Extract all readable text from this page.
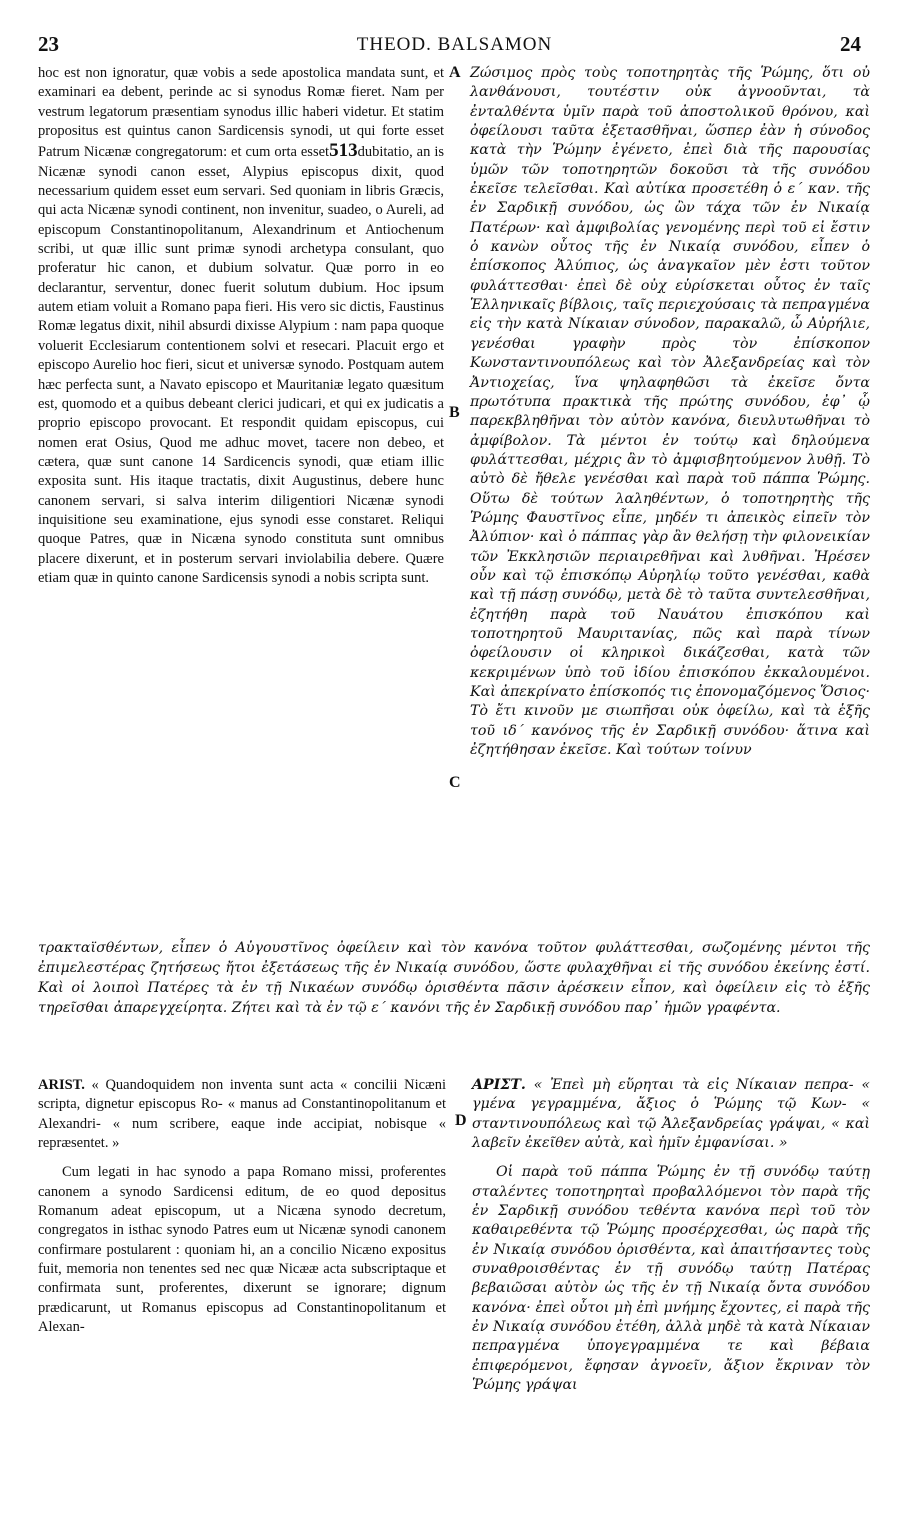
23	THEOD. BALSAMON	24
A
B
C
D

hoc est non ignoratur, quæ vobis a sede apostolica mandata sunt, et examinari ea debent, perinde ac si synodus Romæ fieret. Nam per vestrum legatorum præsentiam synodus illic haberi videtur. Et statim propositus est quintus canon Sardicensis synodi, ut qui forte esset Patrum Nicænæ congregatorum: et cum orta esset513dubitatio, an is Nicænæ synodi canon esset, Alypius episcopus dixit, quod necessarium quidem esset eum servari. Sed quoniam in libris Græcis, qui acta Nicænæ synodi continent, non invenitur, suadeo, o Aureli, ad episcopum Constantinopolitanum, Alexandrinum et Antiochenum scribi, ut quæ illic sunt primæ synodi archetypa consulant, quo proferatur hic canon, et dubium solvatur. Quæ porro in eo declarantur, serventur, donec fuerit solutum dubium. Hoc ipsum autem etiam voluit a Romano papa fieri. His vero sic dictis, Faustinus Romæ legatus dixit, nihil absurdi dixisse Alypium : nam papa quoque voluerit Ecclesiarum contentionem solvi et resecari. Placuit ergo et episcopo Aurelio hoc fieri, sicut et universæ synodo. Postquam autem hæc perfecta sunt, a Navato episcopo et Mauritaniæ legato quæsitum est, quomodo et a quibus debeant clerici judicari, et qui ex judicatis a proprio episcopo provocant. Et respondit quidam episcopus, cui nomen erat Osius, Quod me adhuc movet, tacere non debeo, et cætera, quæ sunt canone 14 Sardicencis synodi, quæ etiam illic exposita sunt. His itaque tractatis, dixit Augustinus, debere hunc canonem servari, si salva interim diligentiori Nicænæ synodi inquisitione seu examinatione, ejus synodi esse constaret. Reliqui quoque Patres, quæ in Nicæna synodo constituta sunt omnibus placere dixerunt, et in posterum servari inviolabilia debere. Quære etiam quæ in quinto canone Sardicensis synodi a nobis scripta sunt.

Ζώσιμος πρὸς τοὺς τοποτηρητὰς τῆς Ῥώμης, ὅτι οὐ λανθάνουσι, τουτέστιν οὐκ ἀγνοοῦνται, τὰ ἐνταλθέντα ὑμῖν παρὰ τοῦ ἀποστολικοῦ θρόνου, καὶ ὀφείλουσι ταῦτα ἐξετασθῆναι, ὥσπερ ἐὰν ἡ σύνοδος κατὰ τὴν Ῥώμην ἐγένετο, ἐπεὶ διὰ τῆς παρουσίας ὑμῶν τῶν τοποτηρητῶν δοκοῦσι τὰ τῆς συνόδου ἐκεῖσε τελεῖσθαι. Καὶ αὐτίκα προσετέθη ὁ ε΄ καν. τῆς ἐν Σαρδικῇ συνόδου, ὡς ὢν τάχα τῶν ἐν Νικαίᾳ Πατέρων· καὶ ἀμφιβολίας γενομένης περὶ τοῦ εἰ ἔστιν ὁ κανὼν οὗτος τῆς ἐν Νικαίᾳ συνόδου, εἶπεν ὁ ἐπίσκοπος Ἀλύπιος, ὡς ἀναγκαῖον μὲν ἐστι τοῦτον φυλάττεσθαι· ἐπεὶ δὲ οὐχ εὑρίσκεται οὗτος ἐν ταῖς Ἑλληνικαῖς βίβλοις, ταῖς περιεχούσαις τὰ πεπραγμένα εἰς τὴν κατὰ Νίκαιαν σύνοδον, παρακαλῶ, ὦ Αὐρήλιε, γενέσθαι γραφὴν πρὸς τὸν ἐπίσκοπον Κωνσταντινουπόλεως καὶ τὸν Ἀλεξανδρείας καὶ τὸν Ἀντιοχείας, ἵνα ψηλαφηθῶσι τὰ ἐκεῖσε ὄντα πρωτότυπα πρακτικὰ τῆς πρώτης συνόδου, ἐφ᾽ ᾧ παρεκβληθῆναι τὸν αὐτὸν κανόνα, διευλυτωθῆναι τὸ ἀμφίβολον. Τὰ μέντοι ἐν τούτῳ καὶ δηλούμενα φυλάττεσθαι, μέχρις ἂν τὸ ἀμφισβητούμενον λυθῇ. Τὸ αὐτὸ δὲ ἤθελε γενέσθαι καὶ παρὰ τοῦ πάππα Ῥώμης. Οὕτω δὲ τούτων λαληθέντων, ὁ τοποτηρητὴς τῆς Ῥώμης Φαυστῖνος εἶπε, μηδέν τι ἀπεικὸς εἰπεῖν τὸν Ἀλύπιον· καὶ ὁ πάππας γὰρ ἂν θελήσῃ τὴν φιλονεικίαν τῶν Ἐκκλησιῶν περιαιρεθῆναι καὶ λυθῆναι. Ἠρέσεν οὖν καὶ τῷ ἐπισκόπῳ Αὐρηλίῳ τοῦτο γενέσθαι, καθὰ καὶ τῇ πάσῃ συνόδῳ, μετὰ δὲ τὸ ταῦτα συντελεσθῆναι, ἐζητήθη παρὰ τοῦ Ναυάτου ἐπισκόπου καὶ τοποτηρητοῦ Μαυριτανίας, πῶς καὶ παρὰ τίνων ὀφείλουσιν οἱ κληρικοὶ δικάζεσθαι, κατὰ τῶν κεκριμένων ὑπὸ τοῦ ἰδίου ἐπισκόπου ἐκκαλουμένοι. Καὶ ἀπεκρίνατο ἐπίσκοπός τις ἐπονομαζόμενος Ὅσιος· Τὸ ἔτι κινοῦν με σιωπῆσαι οὐκ ὀφείλω, καὶ τὰ ἑξῆς τοῦ ιδ΄ κανόνος τῆς ἐν Σαρδικῇ συνόδου· ἅτινα καὶ ἐζητήθησαν ἐκεῖσε. Καὶ τούτων τοίνυν

τρακταϊσθέντων, εἶπεν ὁ Αὐγουστῖνος ὀφείλειν καὶ τὸν κανόνα τοῦτον φυλάττεσθαι, σωζομένης μέντοι τῆς ἐπιμελεστέρας ζητήσεως ἤτοι ἐξετάσεως τῆς ἐν Νικαίᾳ συνόδου, ὥστε φυλαχθῆναι εἰ τῆς συνόδου ἐκείνης ἐστί. Καὶ οἱ λοιποὶ Πατέρες τὰ ἐν τῇ Νικαέων συνόδῳ ὁρισθέντα πᾶσιν ἀρέσκειν εἶπον, καὶ ὀφείλειν εἰς τὸ ἑξῆς τηρεῖσθαι ἀπαρεγχείρητα. Ζήτει καὶ τὰ ἐν τῷ ε΄ κανόνι τῆς ἐν Σαρδικῇ συνόδου παρ᾽ ἡμῶν γραφέντα.

ARIST. « Quandoquidem non inventa sunt acta « concilii Nicæni scripta, dignetur episcopus Ro- « manus ad Constantinopolitanum et Alexandri- « num scribere, eaque inde accipiat, nobisque « repræsentet. »

Cum legati in hac synodo a papa Romano missi, proferentes canonem a synodo Sardicensi editum, de eo quod depositus Romanum adeat episcopum, ut a Nicæna synodo decretum, congregatos in isthac synodo Patres eum ut Nicænæ synodi canonem confirmare postularent : quoniam hi, an a concilio Nicæno expositus fuit, memoria non tenentes sed nec quæ Nicææ acta subscriptaque et confirmata sunt, proferentes, dixerunt se ignorare; dignum prædicarunt, ut Romanus episcopus ad Constantinopolitanum et Alexan-

ΑΡΙΣΤ. « Ἐπεὶ μὴ εὕρηται τὰ εἰς Νίκαιαν πεπρα- « γμένα γεγραμμένα, ἄξιος ὁ Ῥώμης τῷ Κων- « σταντινουπόλεως καὶ τῷ Ἀλεξανδρείας γράψαι, « καὶ λαβεῖν ἐκεῖθεν αὐτὰ, καὶ ἡμῖν ἐμφανίσαι. »

Οἱ παρὰ τοῦ πάππα Ῥώμης ἐν τῇ συνόδῳ ταύτῃ σταλέντες τοποτηρηταὶ προβαλλόμενοι τὸν παρὰ τῆς ἐν Σαρδικῇ συνόδου τεθέντα κανόνα περὶ τοῦ τὸν καθαιρεθέντα τῷ Ῥώμης προσέρχεσθαι, ὡς παρὰ τῆς ἐν Νικαίᾳ συνόδου ὁρισθέντα, καὶ ἀπαιτήσαντες τοὺς συναθροισθέντας ἐν τῇ συνόδῳ ταύτῃ Πατέρας βεβαιῶσαι αὐτὸν ὡς τῆς ἐν τῇ Νικαίᾳ ὄντα συνόδου κανόνα· ἐπεὶ οὗτοι μὴ ἐπὶ μνήμης ἔχοντες, εἰ παρὰ τῆς ἐν Νικαίᾳ συνόδου ἐτέθη, ἀλλὰ μηδὲ τὰ κατὰ Νίκαιαν πεπραγμένα ὑπογεγραμμένα τε καὶ βέβαια ἐπιφερόμενοι, ἔφησαν ἀγνοεῖν, ἄξιον ἔκριναν τὸν Ῥώμης γράψαι
